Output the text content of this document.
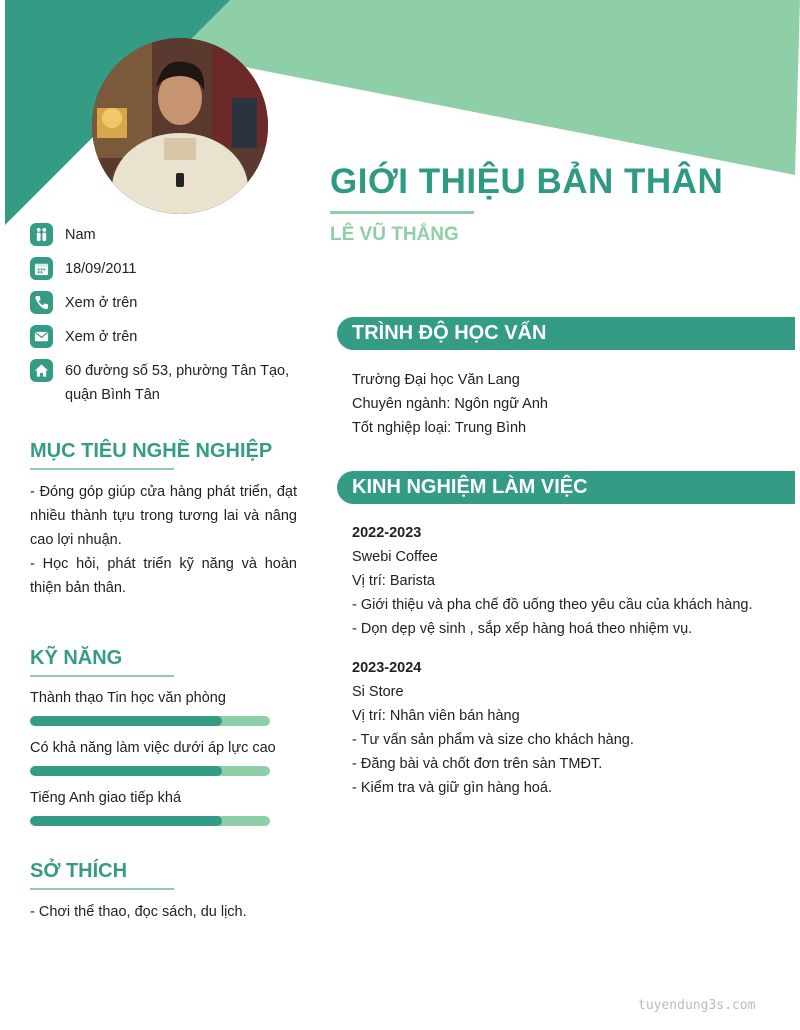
GIỚI THIỆU BẢN THÂN
LÊ VŨ THẮNG
Nam
18/09/2011
Xem ở trên
Xem ở trên
60 đường số 53, phường Tân Tạo, quận Bình Tân
MỤC TIÊU NGHỀ NGHIỆP
- Đóng góp giúp cửa hàng phát triển, đạt nhiều thành tựu trong tương lai và nâng cao lợi nhuận.
- Học hỏi, phát triển kỹ năng và hoàn thiện bản thân.
KỸ NĂNG
Thành thạo Tin học văn phòng
Có khả năng làm việc dưới áp lực cao
Tiếng Anh giao tiếp khá
SỞ THÍCH
- Chơi thể thao, đọc sách, du lịch.
TRÌNH ĐỘ HỌC VẤN
Trường Đại học Văn Lang
Chuyên ngành: Ngôn ngữ Anh
Tốt nghiệp loại: Trung Bình
KINH NGHIỆM LÀM VIỆC
2022-2023
Swebi Coffee
Vị trí: Barista
- Giới thiệu và pha chế đồ uống theo yêu cầu của khách hàng.
- Dọn dẹp vệ sinh , sắp xếp hàng hoá theo nhiệm vụ.
2023-2024
Si Store
Vị trí: Nhân viên bán hàng
- Tư vấn sản phẩm và size cho khách hàng.
- Đăng bài và chốt đơn trên sàn TMĐT.
- Kiểm tra và giữ gìn hàng hoá.
tuyendung3s.com
